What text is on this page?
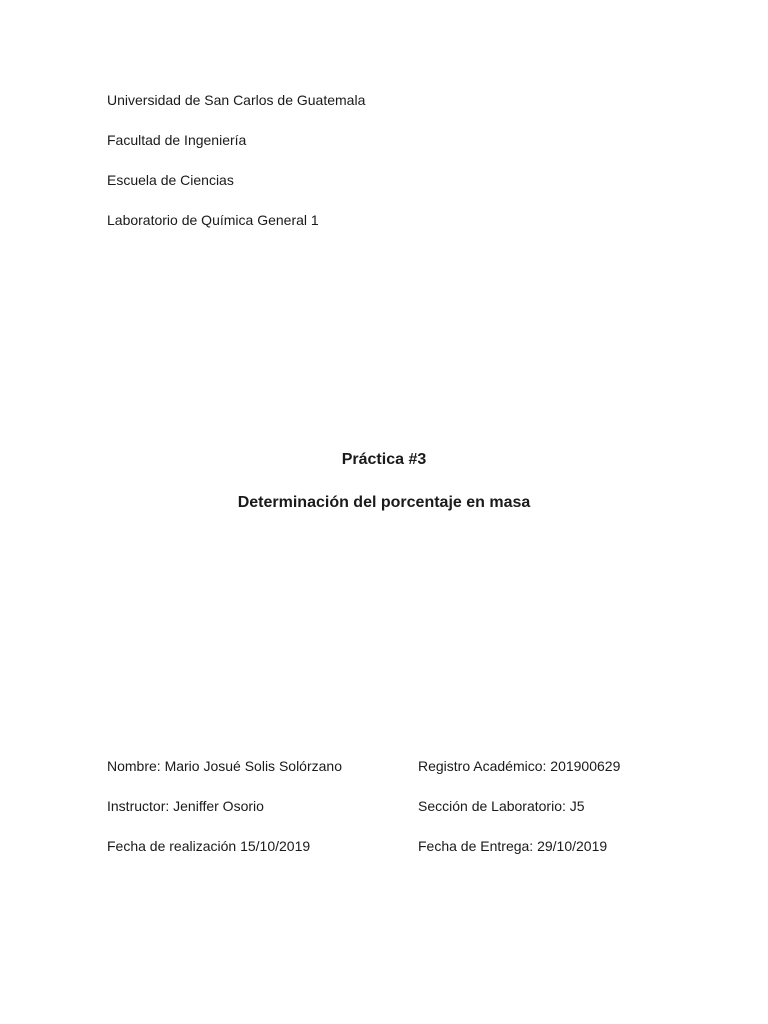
Universidad de San Carlos de Guatemala
Facultad de Ingeniería
Escuela de Ciencias
Laboratorio de Química General 1
Práctica #3
Determinación del porcentaje en masa
Nombre: Mario Josué Solis Solórzano
Instructor: Jeniffer Osorio
Fecha de realización 15/10/2019
Registro Académico: 201900629
Sección de Laboratorio: J5
Fecha de Entrega: 29/10/2019
